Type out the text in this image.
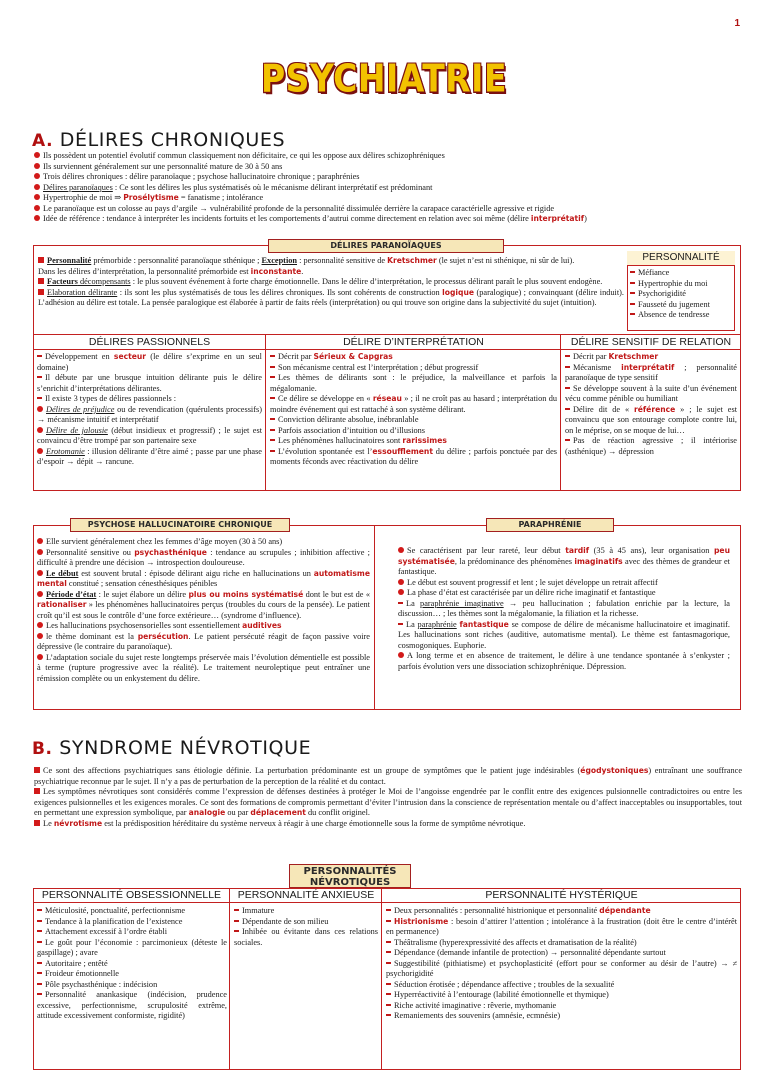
1
PSYCHIATRIE
A. DÉLIRES CHRONIQUES
Ils possèdent un potentiel évolutif commun classiquement non déficitaire, ce qui les oppose aux délires schizophréniques
Ils surviennent généralement sur une personnalité mature de 30 à 50 ans
Trois délires chroniques : délire paranoïaque ; psychose hallucinatoire chronique ; paraphrénies
Délires paranoïaques : Ce sont les délires les plus systématisés où le mécanisme délirant interprétatif est prédominant
Hypertrophie de moi ⇒ Prosélytisme = fanatisme ; intolérance
Le paranoïaque est un colosse au pays d’argile → vulnérabilité profonde de la personnalité dissimulée derrière la carapace caractérielle agressive et rigide
Idée de référence : tendance à interpréter les incidents fortuits et les comportements d’autrui comme directement en relation avec soi même (délire interprétatif)
DÉLIRES PARANOÏAQUES
Personnalité prémorbide : personnalité paranoïaque sthénique ; Exception : personnalité sensitive de Kretschmer (le sujet n’est ni sthénique, ni sûr de lui).
Dans les délires d’interprétation, la personnalité prémorbide est inconstante.
Facteurs décompensants : le plus souvent événement à forte charge émotionnelle. Dans le délire d’interprétation, le processus délirant paraît le plus souvent endogène.
Elaboration délirante : ils sont les plus systématisés de tous les délires chroniques. Ils sont cohérents de construction logique (paralogique) ; convainquant (délire induit). L’adhésion au délire est totale. La pensée paralogique est élaborée à partir de faits réels (interprétation) ou qui trouve son origine dans la subjectivité du sujet (intuition).
PERSONNALITÉ
Méfiance
Hypertrophie du moi
Psychorigidité
Fausseté du jugement
Absence de tendresse
DÉLIRES PASSIONNELS	DÉLIRE D’INTERPRÉTATION	DÉLIRE SENSITIF DE RELATION
Développement en secteur (le délire s’exprime en un seul domaine)
Il débute par une brusque intuition délirante puis le délire s’enrichit d’interprétations délirantes.
Il existe 3 types de délires passionnels :
Délires de préjudice ou de revendication (quérulents processifs) → mécanisme intuitif et interprétatif
Délire de jalousie (début insidieux et progressif) ; le sujet est convaincu d’être trompé par son partenaire sexe
Erotomanie : illusion délirante d’être aimé ; passe par une phase d’espoir → dépit → rancune.
Décrit par Sérieux & Capgras
Son mécanisme central est l’interprétation ; début progressif
Les thèmes de délirants sont : le préjudice, la malveillance et parfois la mégalomanie.
Ce délire se développe en « réseau » ; il ne croît pas au hasard ; interprétation du moindre événement qui est rattaché à son système délirant.
Conviction délirante absolue, inébranlable
Parfois association d’intuition ou d’illusions
Les phénomènes hallucinatoires sont rarissimes
L’évolution spontanée est l’essoufflement du délire ; parfois ponctuée par des moments féconds avec réactivation du délire
Décrit par Kretschmer
Mécanisme interprétatif ; personnalité paranoïaque de type sensitif
Se développe souvent à la suite d’un événement vécu comme pénible ou humiliant
Délire dit de « référence » ; le sujet est convaincu que son entourage complote contre lui, on le méprise, on se moque de lui…
Pas de réaction agressive ; il intériorise (asthénique) → dépression
PSYCHOSE HALLUCINATOIRE CHRONIQUE	PARAPHRÉNIE
Elle survient généralement chez les femmes d’âge moyen (30 à 50 ans)
Personnalité sensitive ou psychasthénique : tendance au scrupules ; inhibition affective ; difficulté à prendre une décision → introspection douloureuse.
Le début est souvent brutal : épisode délirant aigu riche en hallucinations un automatisme mental constitué ; sensation cénesthésiques pénibles
Période d’état : le sujet élabore un délire plus ou moins systématisé dont le but est de « rationaliser » les phénomènes hallucinatoires perçus (troubles du cours de la pensée). Le patient croît qu’il est sous le contrôle d’une force extérieure… (syndrome d’influence).
Les hallucinations psychosensorielles sont essentiellement auditives
le thème dominant est la persécution. Le patient persécuté réagit de façon passive voire dépressive (le contraire du paranoïaque).
L’adaptation sociale du sujet reste longtemps préservée mais l’évolution démentielle est possible à terme (rupture progressive avec la réalité). Le traitement neuroleptique peut entraîner une rémission complète ou un enkystement du délire.
Se caractérisent par leur rareté, leur début tardif (35 à 45 ans), leur organisation peu systématisée, la prédominance des phénomènes imaginatifs avec des thèmes de grandeur et fantastique.
Le début est souvent progressif et lent ; le sujet développe un retrait affectif
La phase d’état est caractérisée par un délire riche imaginatif et fantastique
La paraphrénie imaginative → peu hallucination ; fabulation enrichie par la lecture, la discussion… ; les thèmes sont la mégalomanie, la filiation et la richesse.
La paraphrénie fantastique se compose de délire de mécanisme hallucinatoire et imaginatif. Les hallucinations sont riches (auditive, automatisme mental). Le thème est fantasmagorique, cosmogoniques. Euphorie.
A long terme et en absence de traitement, le délire à une tendance spontanée à s’enkyster ; parfois évolution vers une dissociation schizophrénique. Dépression.
B. SYNDROME NÉVROTIQUE
Ce sont des affections psychiatriques sans étiologie définie. La perturbation prédominante est un groupe de symptômes que le patient juge indésirables (égodystoniques) entraînant une souffrance psychiatrique reconnue par le sujet. Il n’y a pas de perturbation de la perception de la réalité et du contact.
Les symptômes névrotiques sont considérés comme l’expression de défenses destinées à protéger le Moi de l’angoisse engendrée par le conflit entre des exigences pulsionnelle contradictoires ou entre les exigences pulsionnelles et les exigences morales. Ce sont des formations de compromis permettant d’éviter l’intrusion dans la conscience de représentation mentale ou d’affect inacceptables ou insupportables, tout en permettant une expression symbolique, par analogie ou par déplacement du conflit originel.
Le névrotisme est la prédisposition héréditaire du système nerveux à réagir à une charge émotionnelle sous la forme de symptôme névrotique.
PERSONNALITÉS
NÉVROTIQUES
PERSONNALITÉ OBSESSIONNELLE	PERSONNALITÉ ANXIEUSE	PERSONNALITÉ HYSTÉRIQUE
Méticulosité, ponctualité, perfectionnisme
Tendance à la planification de l’existence
Attachement excessif à l’ordre établi
Le goût pour l’économie : parcimonieux (déteste le gaspillage) ; avare
Autoritaire ; entêté
Froideur émotionnelle
Pôle psychasthénique : indécision
Personnalité anankasique (indécision, prudence excessive, perfectionnisme, scrupulosité extrême, attitude excessivement conformiste, rigidité)
Immature
Dépendante de son milieu
Inhibée ou évitante dans ces relations sociales.
Deux personnalités : personnalité histrionique et personnalité dépendante
Histrionisme : besoin d’attirer l’attention ; intolérance à la frustration (doit être le centre d’intérêt en permanence)
Théâtralisme (hyperexpressivité des affects et dramatisation de la réalité)
Dépendance (demande infantile de protection) → personnalité dépendante surtout
Suggestibilité (pithiatisme) et psychoplasticité (effort pour se conformer au désir de l’autre) → ≠ psychorigidité
Séduction érotisée ; dépendance affective ; troubles de la sexualité
Hyperréactivité à l’entourage (labilité émotionnelle et thymique)
Riche activité imaginative : rêverie, mythomanie
Remaniements des souvenirs (amnésie, ecmnésie)
